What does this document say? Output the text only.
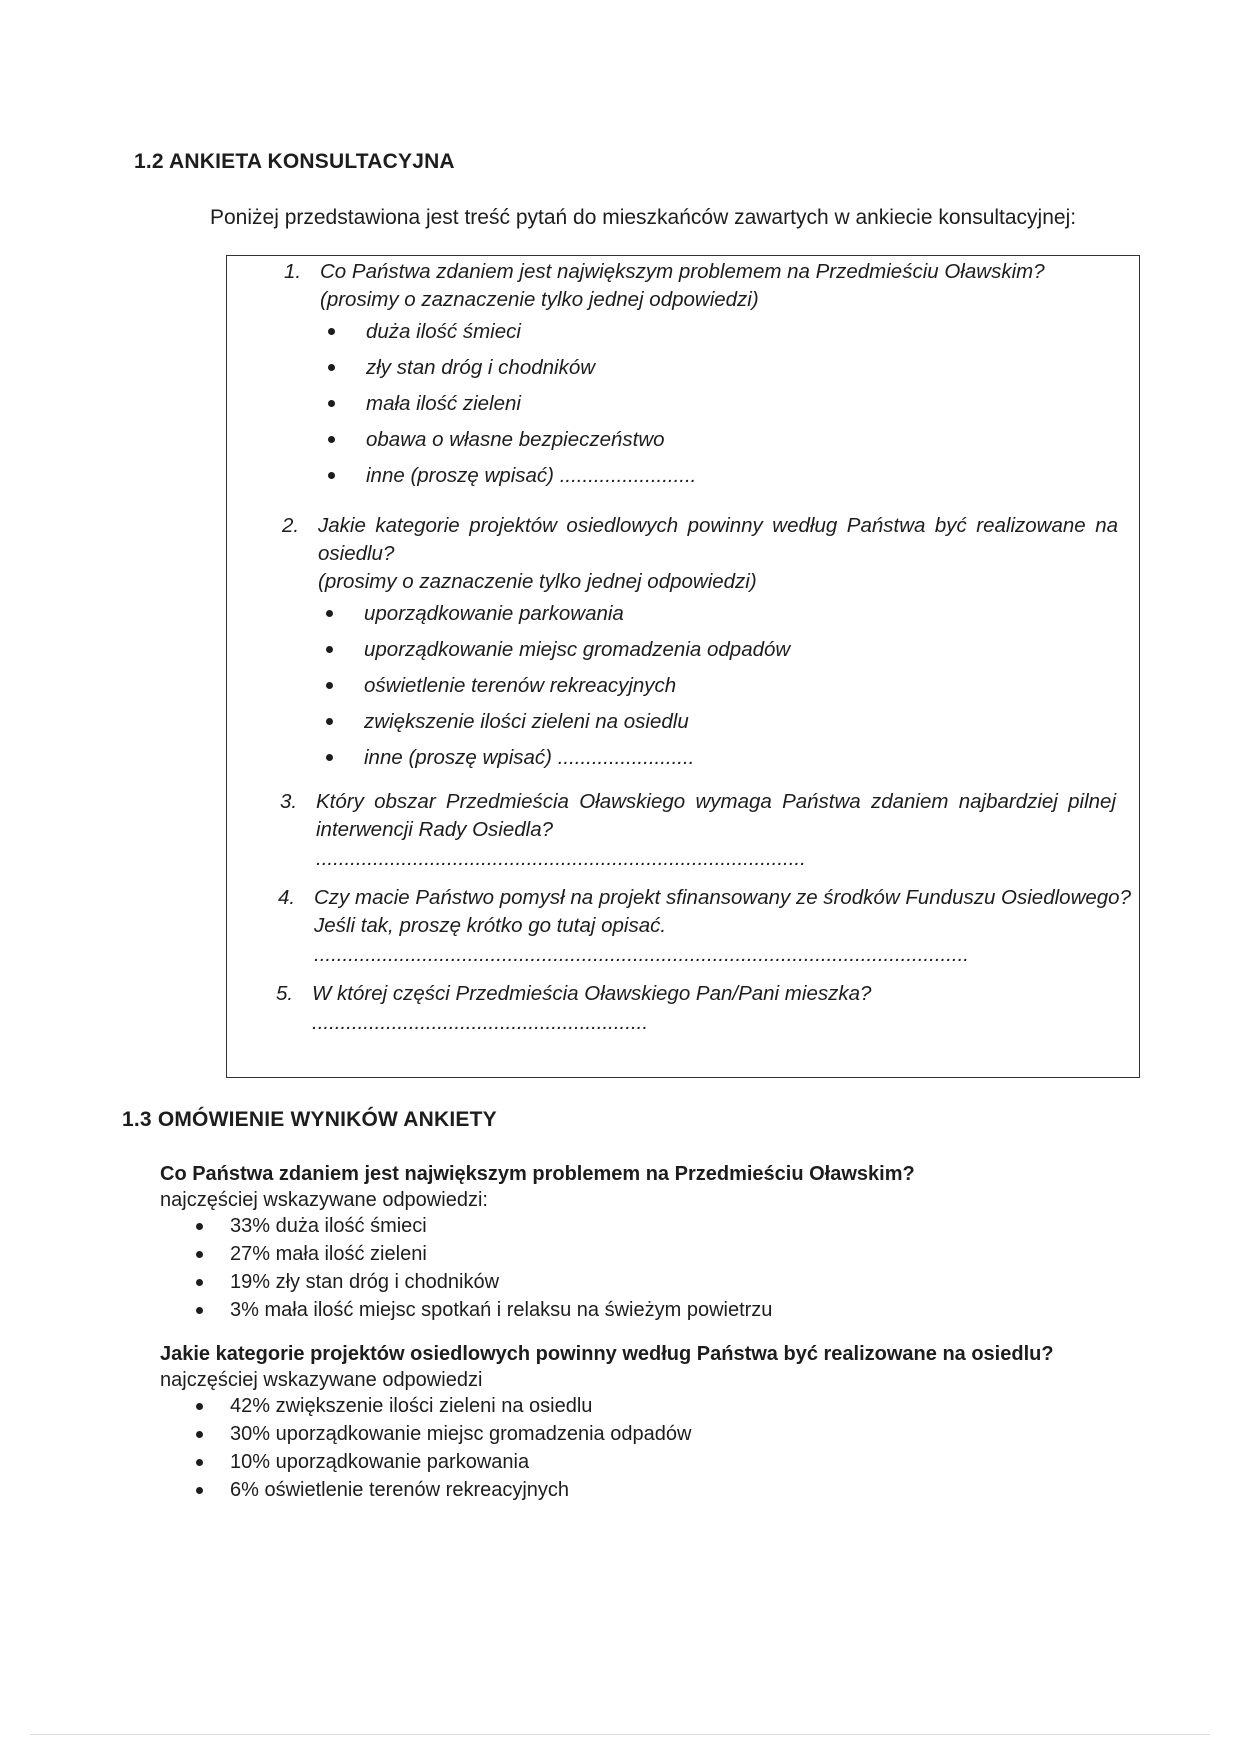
1.2 ANKIETA KONSULTACYJNA

Poniżej przedstawiona jest treść pytań do mieszkańców zawartych w ankiecie konsultacyjnej:

1. Co Państwa zdaniem jest największym problemem na Przedmieściu Oławskim?

(prosimy o zaznaczenie tylko jednej odpowiedzi)

duża ilość śmieci
zły stan dróg i chodników
mała ilość zieleni
obawa o własne bezpieczeństwo
inne (proszę wpisać) ........................
2. Jakie kategorie projektów osiedlowych powinny według Państwa być realizowane na osiedlu?

(prosimy o zaznaczenie tylko jednej odpowiedzi)

uporządkowanie parkowania
uporządkowanie miejsc gromadzenia odpadów
oświetlenie terenów rekreacyjnych
zwiększenie ilości zieleni na osiedlu
inne (proszę wpisać) ........................
3. Który obszar Przedmieścia Oławskiego wymaga Państwa zdaniem najbardziej pilnej interwencji Rady Osiedla?

......................................................................................
4. Czy macie Państwo pomysł na projekt sfinansowany ze środków Funduszu Osiedlowego? Jeśli tak, proszę krótko go tutaj opisać.

...................................................................................................................
5. W której części Przedmieścia Oławskiego Pan/Pani mieszka?

...........................................................
1.3 OMÓWIENIE WYNIKÓW ANKIETY

Co Państwa zdaniem jest największym problemem na Przedmieściu Oławskim?

najczęściej wskazywane odpowiedzi:

33% duża ilość śmieci
27% mała ilość zieleni
19% zły stan dróg i chodników
3% mała ilość miejsc spotkań i relaksu na świeżym powietrzu

Jakie kategorie projektów osiedlowych powinny według Państwa być realizowane na osiedlu?

najczęściej wskazywane odpowiedzi

42% zwiększenie ilości zieleni na osiedlu
30% uporządkowanie miejsc gromadzenia odpadów
10% uporządkowanie parkowania
6% oświetlenie terenów rekreacyjnych
